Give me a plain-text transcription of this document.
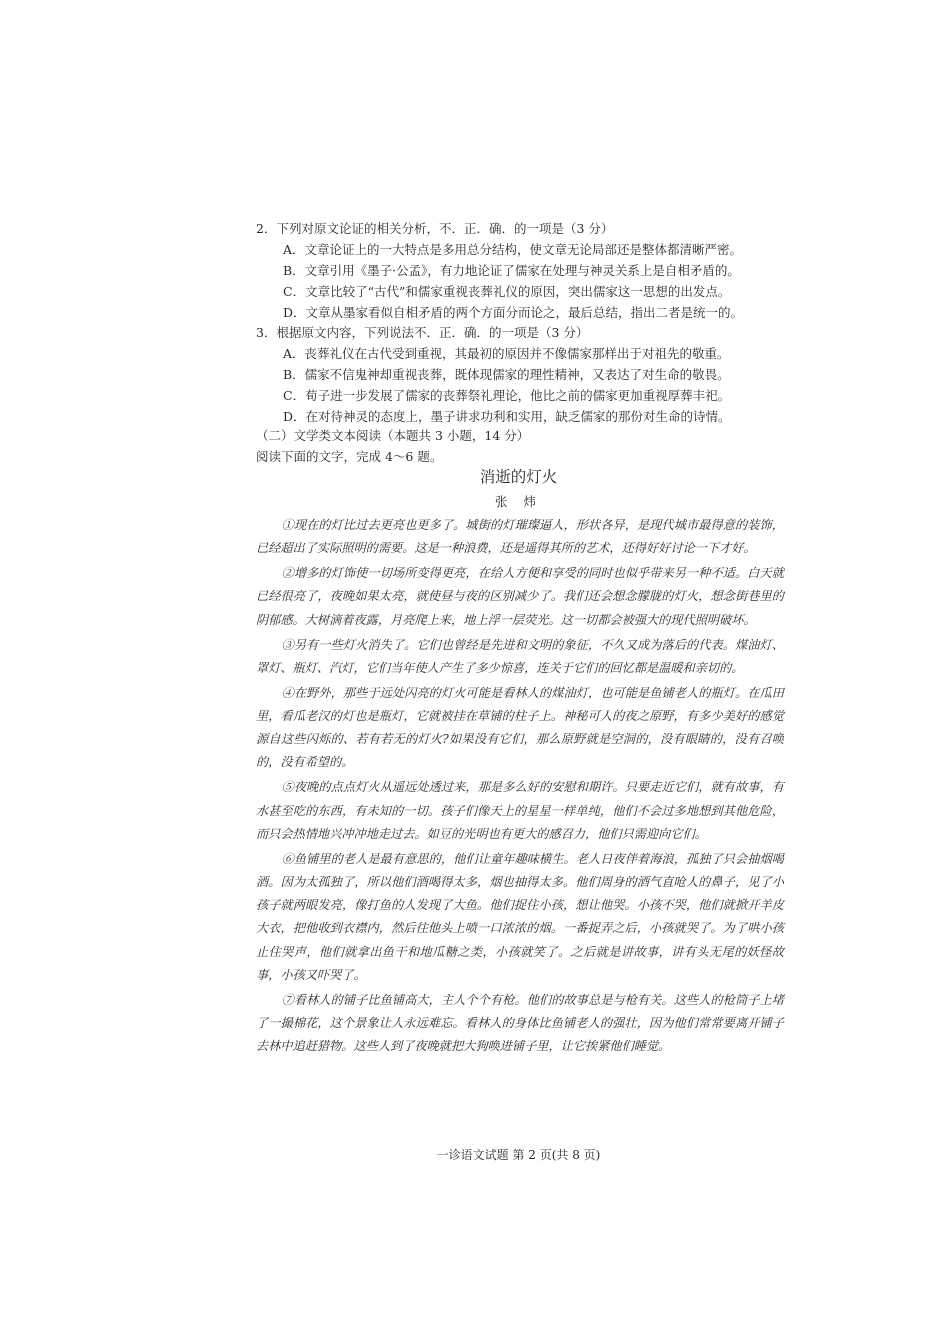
2．下列对原文论证的相关分析，不．正．确．的一项是（3 分）
A．文章论证上的一大特点是多用总分结构，使文章无论局部还是整体都清晰严密。
B．文章引用《墨子·公孟》，有力地论证了儒家在处理与神灵关系上是自相矛盾的。
C．文章比较了“古代”和儒家重视丧葬礼仪的原因，突出儒家这一思想的出发点。
D．文章从墨家看似自相矛盾的两个方面分而论之，最后总结，指出二者是统一的。
3．根据原文内容，下列说法不．正．确．的一项是（3 分）
A．丧葬礼仪在古代受到重视，其最初的原因并不像儒家那样出于对祖先的敬重。
B．儒家不信鬼神却重视丧葬，既体现儒家的理性精神，又表达了对生命的敬畏。
C．荀子进一步发展了儒家的丧葬祭礼理论，他比之前的儒家更加重视厚葬丰祀。
D．在对待神灵的态度上，墨子讲求功利和实用，缺乏儒家的那份对生命的诗情。
（二）文学类文本阅读（本题共 3 小题，14 分）
阅读下面的文字，完成 4～6 题。
消逝的灯火
张 炜

①现在的灯比过去更亮也更多了。城街的灯璀璨逼人，形状各异，是现代城市最得意的装饰，已经超出了实际照明的需要。这是一种浪费，还是遥得其所的艺术，还得好好讨论一下才好。

②增多的灯饰使一切场所变得更亮，在给人方便和享受的同时也似乎带来另一种不适。白天就已经很亮了，夜晚如果太亮，就使昼与夜的区别减少了。我们还会想念朦胧的灯火，想念街巷里的阴郁感。大树滴着夜露，月亮爬上来，地上浮一层荧光。这一切都会被强大的现代照明破坏。

③另有一些灯火消失了。它们也曾经是先进和文明的象征，不久又成为落后的代表。煤油灯、罩灯、瓶灯、汽灯，它们当年使人产生了多少惊喜，连关于它们的回忆都是温暖和亲切的。

④在野外，那些于远处闪亮的灯火可能是看林人的煤油灯，也可能是鱼铺老人的瓶灯。在瓜田里，看瓜老汉的灯也是瓶灯，它就被挂在草铺的柱子上。神秘可人的夜之原野，有多少美好的感觉源自这些闪烁的、若有若无的灯火?如果没有它们，那么原野就是空洞的，没有眼睛的，没有召唤的，没有希望的。

⑤夜晚的点点灯火从遥远处透过来，那是多么好的安慰和期许。只要走近它们，就有故事，有水甚至吃的东西，有未知的一切。孩子们像天上的星星一样单纯，他们不会过多地想到其他危险，而只会热情地兴冲冲地走过去。如豆的光明也有更大的感召力，他们只需迎向它们。

⑥鱼铺里的老人是最有意思的，他们让童年趣味横生。老人日夜伴着海浪，孤独了只会抽烟喝酒。因为太孤独了，所以他们酒喝得太多，烟也抽得太多。他们周身的酒气直呛人的鼻子，见了小孩子就两眼发亮，像打鱼的人发现了大鱼。他们捉住小孩，想让他哭。小孩不哭，他们就掀开羊皮大衣，把他收到衣襟内，然后往他头上喷一口浓浓的烟。一番捉弄之后，小孩就哭了。为了哄小孩止住哭声，他们就拿出鱼干和地瓜糖之类，小孩就笑了。之后就是讲故事，讲有头无尾的妖怪故事，小孩又吓哭了。

⑦看林人的铺子比鱼铺高大，主人个个有枪。他们的故事总是与枪有关。这些人的枪筒子上堵了一撮棉花，这个景象让人永远难忘。看林人的身体比鱼铺老人的强壮，因为他们常常要离开铺子去林中追赶猎物。这些人到了夜晚就把大狗唤进铺子里，让它挨紧他们睡觉。

一诊语文试题 第 2 页(共 8 页)
